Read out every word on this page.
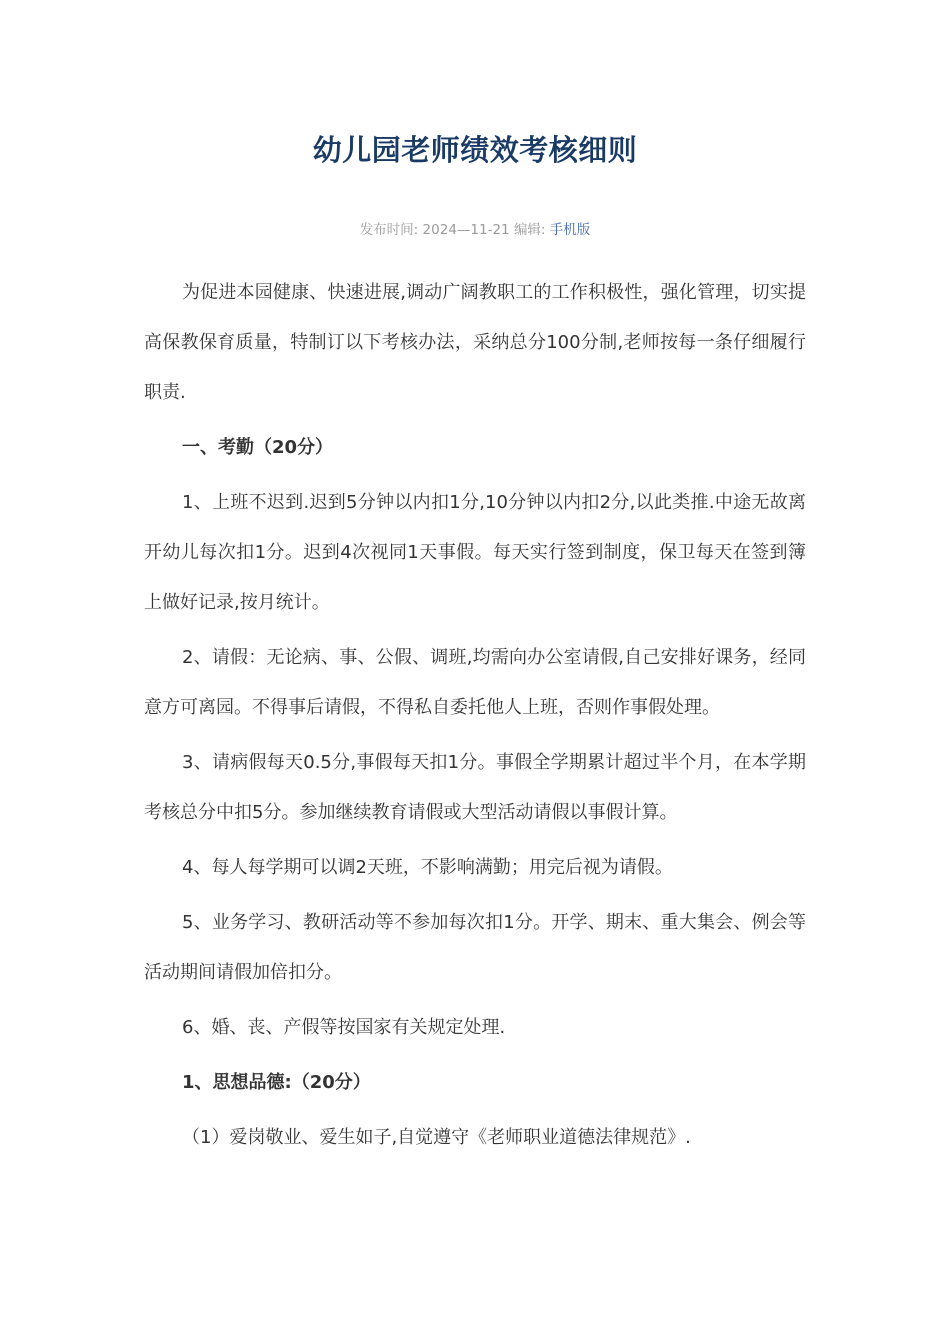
幼儿园老师绩效考核细则
发布时间: 2024—11-21 编辑: 手机版

为促进本园健康、快速进展,调动广阔教职工的工作积极性，强化管理，切实提高保教保育质量，特制订以下考核办法，采纳总分100分制,老师按每一条仔细履行职责.

一、考勤（20分）

1、上班不迟到.迟到5分钟以内扣1分,10分钟以内扣2分,以此类推.中途无故离开幼儿每次扣1分。迟到4次视同1天事假。每天实行签到制度，保卫每天在签到簿上做好记录,按月统计。

2、请假：无论病、事、公假、调班,均需向办公室请假,自己安排好课务，经同意方可离园。不得事后请假，不得私自委托他人上班，否则作事假处理。

3、请病假每天0.5分,事假每天扣1分。事假全学期累计超过半个月，在本学期考核总分中扣5分。参加继续教育请假或大型活动请假以事假计算。

4、每人每学期可以调2天班，不影响满勤；用完后视为请假。

5、业务学习、教研活动等不参加每次扣1分。开学、期末、重大集会、例会等活动期间请假加倍扣分。

6、婚、丧、产假等按国家有关规定处理.

1、思想品德:（20分）

（1）爱岗敬业、爱生如子,自觉遵守《老师职业道德法律规范》.
